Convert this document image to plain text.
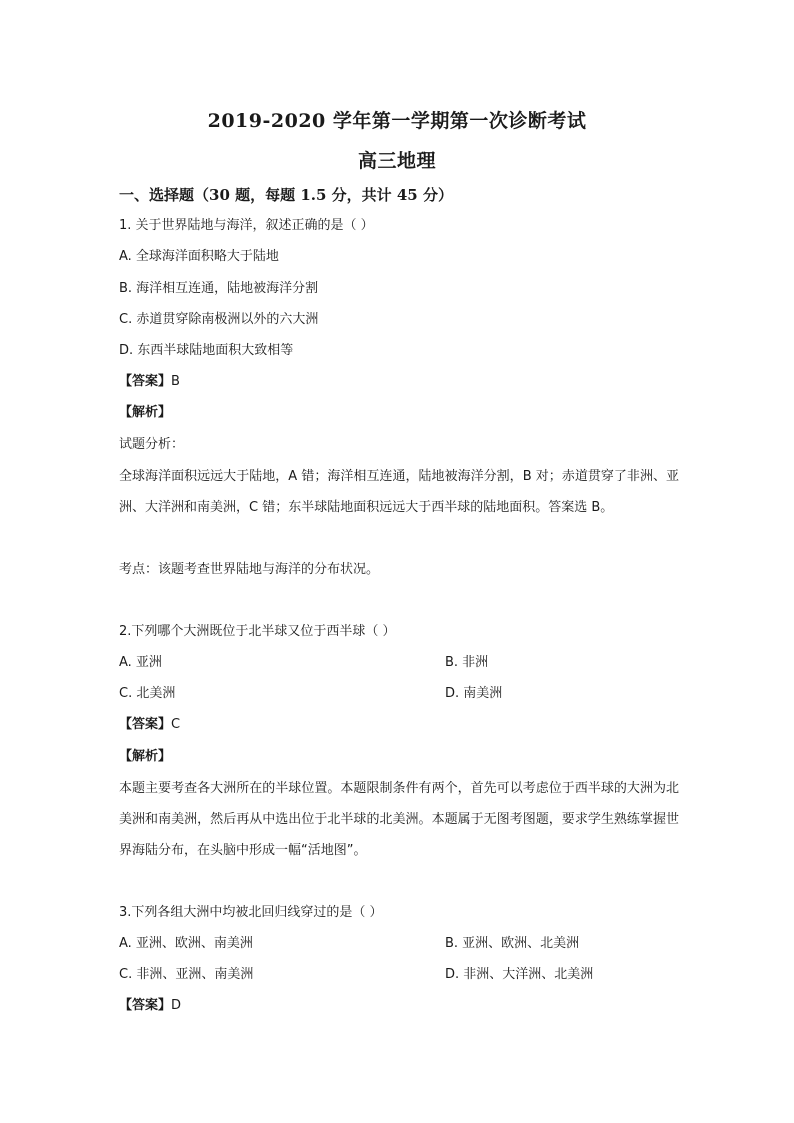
2019-2020 学年第一学期第一次诊断考试
高三地理
一、选择题（30 题，每题 1.5 分，共计 45 分）
1. 关于世界陆地与海洋，叙述正确的是（ ）
A. 全球海洋面积略大于陆地
B. 海洋相互连通，陆地被海洋分割
C. 赤道贯穿除南极洲以外的六大洲
D. 东西半球陆地面积大致相等
【答案】B
【解析】
试题分析：
全球海洋面积远远大于陆地，A 错；海洋相互连通，陆地被海洋分割，B 对；赤道贯穿了非洲、亚洲、大洋洲和南美洲，C 错；东半球陆地面积远远大于西半球的陆地面积。答案选 B。
考点：该题考查世界陆地与海洋的分布状况。
2.下列哪个大洲既位于北半球又位于西半球（ ）
A. 亚洲	B. 非洲
C. 北美洲	D. 南美洲
【答案】C
【解析】
本题主要考查各大洲所在的半球位置。本题限制条件有两个，首先可以考虑位于西半球的大洲为北美洲和南美洲，然后再从中选出位于北半球的北美洲。本题属于无图考图题，要求学生熟练掌握世界海陆分布，在头脑中形成一幅“活地图”。
3.下列各组大洲中均被北回归线穿过的是（ ）
A. 亚洲、欧洲、南美洲	B. 亚洲、欧洲、北美洲
C. 非洲、亚洲、南美洲	D. 非洲、大洋洲、北美洲
【答案】D
